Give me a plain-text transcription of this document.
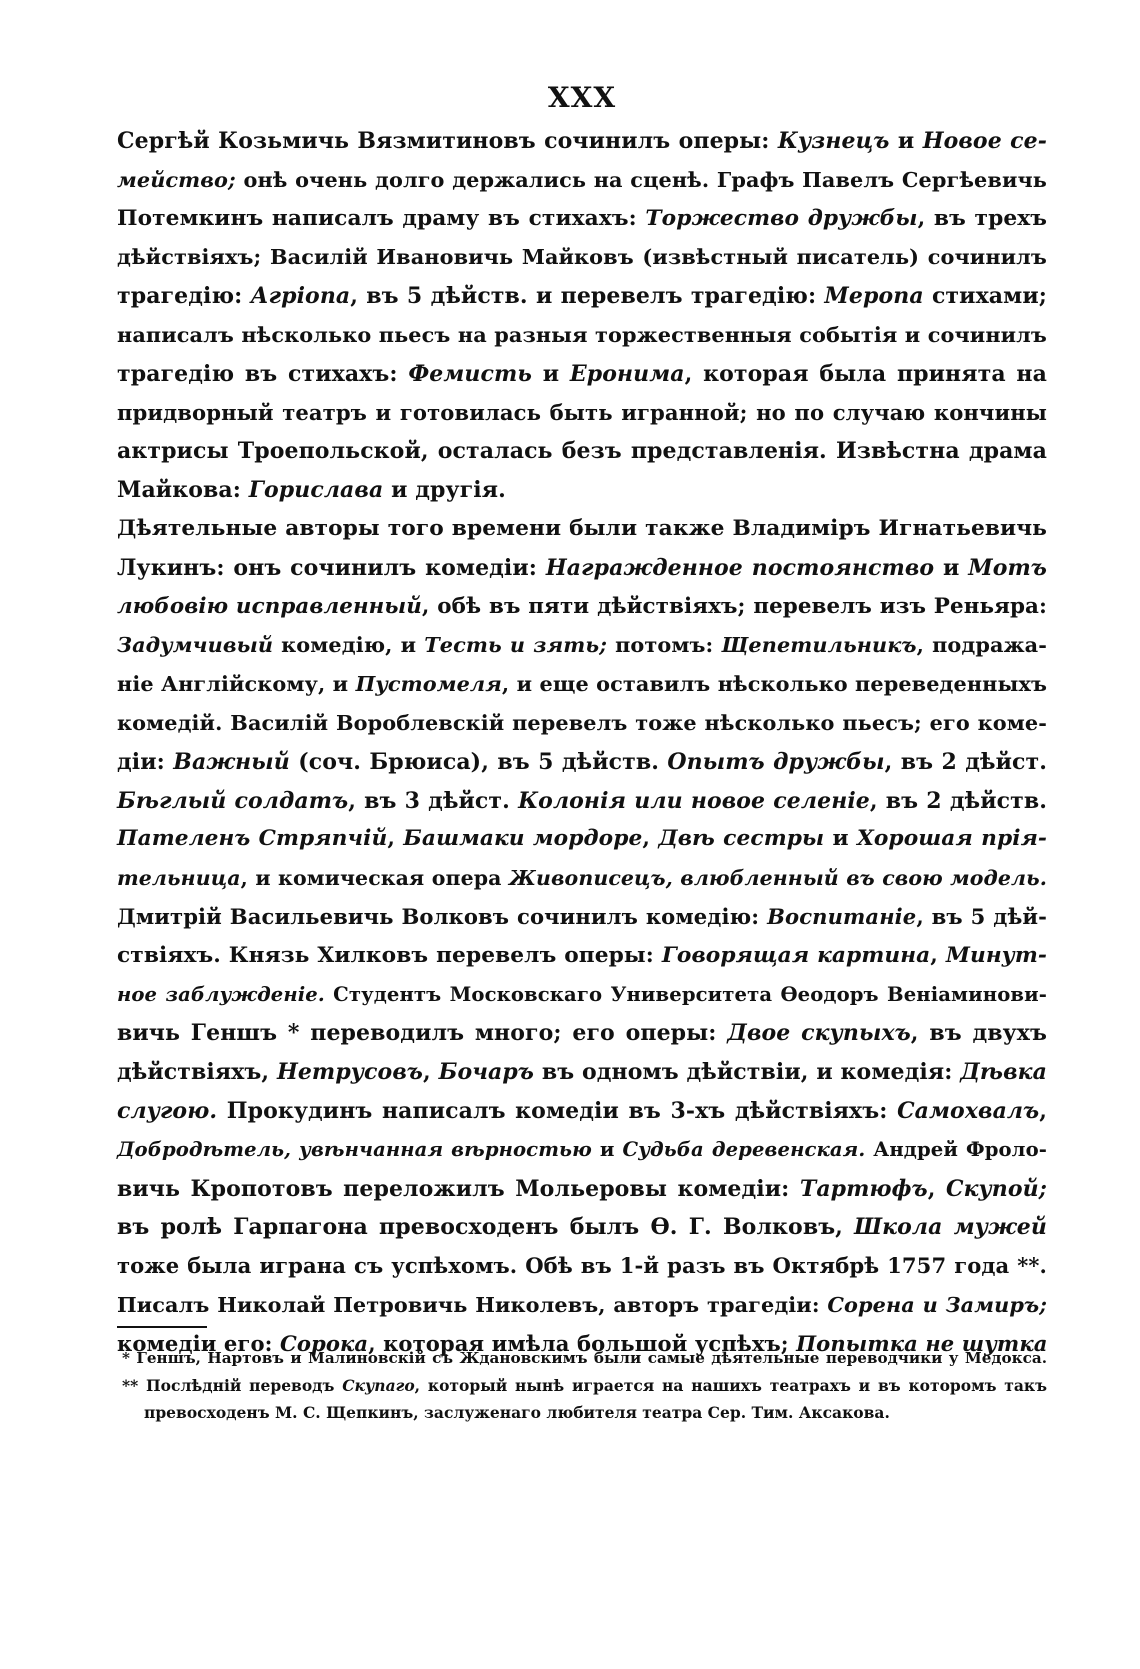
XXX
Сергѣй Козьмичь Вязмитиновъ сочинилъ оперы: Кузнецъ и Новое се-
мейство; онѣ очень долго держались на сценѣ. Графъ Павелъ Сергѣевичь
Потемкинъ написалъ драму въ стихахъ: Торжество дружбы, въ трехъ
дѣйствіяхъ; Василій Ивановичь Майковъ (извѣстный писатель) сочинилъ
трагедію: Агріопа, въ 5 дѣйств. и перевелъ трагедію: Меропа стихами;
написалъ нѣсколько пьесъ на разныя торжественныя событія и сочинилъ
трагедію въ стихахъ: Фемисть и Еронима, которая была принята на
придворный театръ и готовилась быть игранной; но по случаю кончины
актрисы Троепольской, осталась безъ представленія. Извѣстна драма
Майкова: Горислава и другія.
Дѣятельные авторы того времени были также Владиміръ Игнатьевичь
Лукинъ: онъ сочинилъ комедіи: Награжденное постоянство и Мотъ
любовію исправленный, обѣ въ пяти дѣйствіяхъ; перевелъ изъ Реньяра:
Задумчивый комедію, и Тесть и зять; потомъ: Щепетильникъ, подража-
ніе Англійскому, и Пустомеля, и еще оставилъ нѣсколько переведенныхъ
комедій. Василій Вороблевскій перевелъ тоже нѣсколько пьесъ; его коме-
діи: Важный (соч. Брюиса), въ 5 дѣйств. Опытъ дружбы, въ 2 дѣйст.
Бѣглый солдатъ, въ 3 дѣйст. Колонія или новое селеніе, въ 2 дѣйств.
Пателенъ Стряпчій, Башмаки мордоре, Двѣ сестры и Хорошая прія-
тельница, и комическая опера Живописецъ, влюбленный въ свою модель.
Дмитрій Васильевичь Волковъ сочинилъ комедію: Воспитаніе, въ 5 дѣй-
ствіяхъ. Князь Хилковъ перевелъ оперы: Говорящая картина, Минут-
ное заблужденіе. Студентъ Московскаго Университета Ѳеодоръ Веніаминови-
вичь Геншъ * переводилъ много; его оперы: Двое скупыхъ, въ двухъ
дѣйствіяхъ, Нетрусовъ, Бочаръ въ одномъ дѣйствіи, и комедія: Дѣвка
слугою. Прокудинъ написалъ комедіи въ 3-хъ дѣйствіяхъ: Самохвалъ,
Добродѣтель, увѣнчанная вѣрностью и Судьба деревенская. Андрей Фроло-
вичь Кропотовъ переложилъ Мольеровы комедіи: Тартюфъ, Скупой;
въ ролѣ Гарпагона превосходенъ былъ Ѳ. Г. Волковъ, Школа мужей
тоже была играна съ успѣхомъ. Обѣ въ 1-й разъ въ Октябрѣ 1757 года **.
Писалъ Николай Петровичь Николевъ, авторъ трагедіи: Сорена и Замиръ;
комедіи его: Сорока, которая имѣла большой успѣхъ; Попытка не шутка
* Геншъ, Нартовъ и Малиновскій съ Ждановскимъ были самые дѣятельные переводчики у Медокса.
** Послѣдній переводъ Скупаго, который нынѣ играется на нашихъ театрахъ и въ которомъ такъ
превосходенъ М. С. Щепкинъ, заслуженаго любителя театра Сер. Тим. Аксакова.
